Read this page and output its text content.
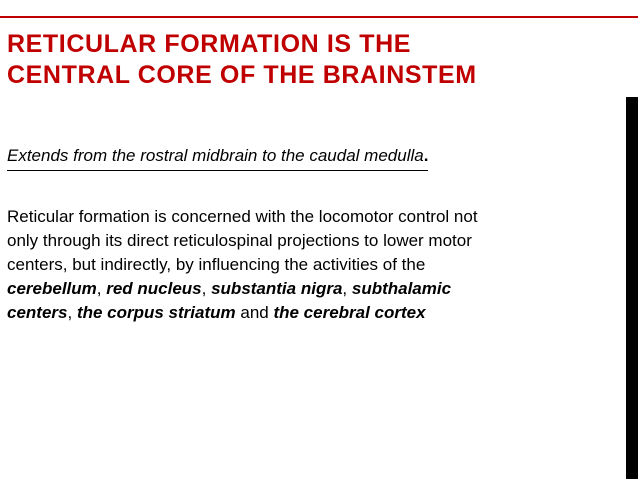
RETICULAR FORMATION IS THE
CENTRAL CORE OF THE BRAINSTEM

Extends from the rostral midbrain to the caudal medulla.

Reticular formation is concerned with the locomotor control not
only through its direct reticulospinal projections to lower motor
centers, but indirectly, by influencing the activities of the
cerebellum, red nucleus, substantia nigra, subthalamic
centers, the corpus striatum and the cerebral cortex
